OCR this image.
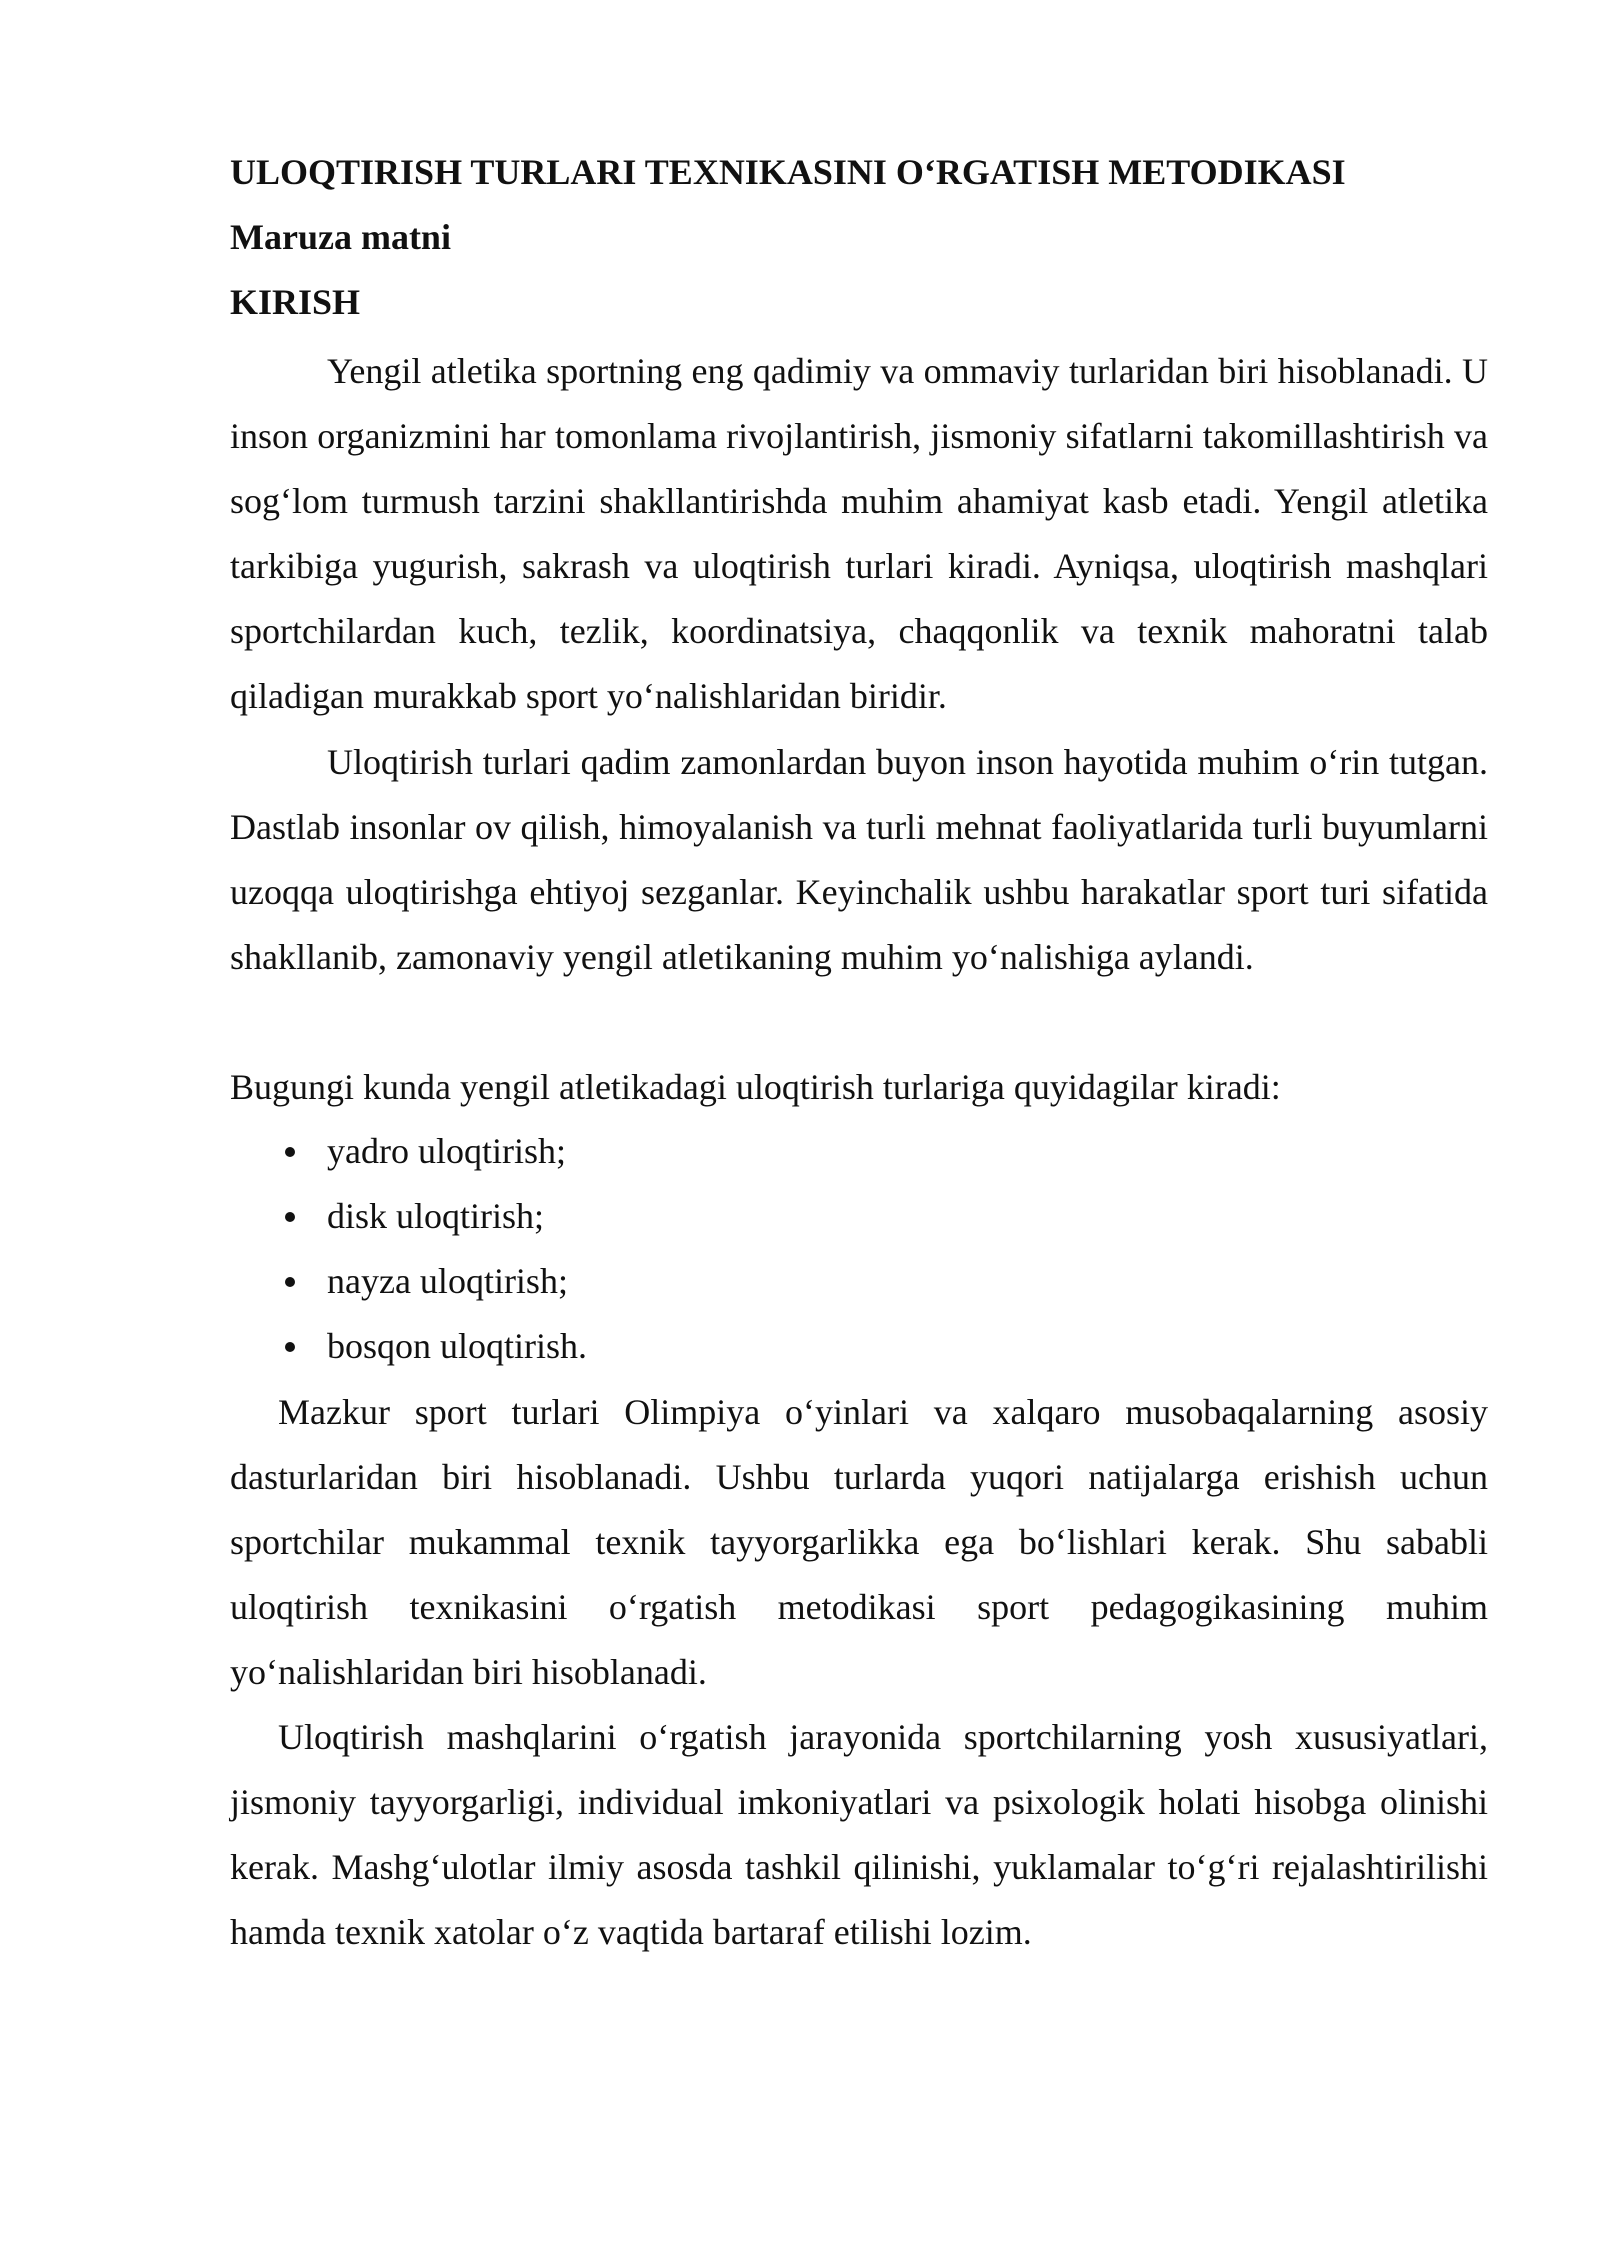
ULOQTIRISH TURLARI TEXNIKASINI O‘RGATISH METODIKASI
Maruza matni
KIRISH

Yengil atletika sportning eng qadimiy va ommaviy turlaridan biri hisoblanadi. U inson organizmini har tomonlama rivojlantirish, jismoniy sifatlarni takomillashtirish va sog‘lom turmush tarzini shakllantirishda muhim ahamiyat kasb etadi. Yengil atletika tarkibiga yugurish, sakrash va uloqtirish turlari kiradi. Ayniqsa, uloqtirish mashqlari sportchilardan kuch, tezlik, koordinatsiya, chaqqonlik va texnik mahoratni talab qiladigan murakkab sport yo‘nalishlaridan biridir.

Uloqtirish turlari qadim zamonlardan buyon inson hayotida muhim o‘rin tutgan. Dastlab insonlar ov qilish, himoyalanish va turli mehnat faoliyatlarida turli buyumlarni uzoqqa uloqtirishga ehtiyoj sezganlar. Keyinchalik ushbu harakatlar sport turi sifatida shakllanib, zamonaviy yengil atletikaning muhim yo‘nalishiga aylandi.

Bugungi kunda yengil atletikadagi uloqtirish turlariga quyidagilar kiradi:

yadro uloqtirish;
disk uloqtirish;
nayza uloqtirish;
bosqon uloqtirish.

Mazkur sport turlari Olimpiya o‘yinlari va xalqaro musobaqalarning asosiy dasturlaridan biri hisoblanadi. Ushbu turlarda yuqori natijalarga erishish uchun sportchilar mukammal texnik tayyorgarlikka ega bo‘lishlari kerak. Shu sababli uloqtirish texnikasini o‘rgatish metodikasi sport pedagogikasining muhim yo‘nalishlaridan biri hisoblanadi.

Uloqtirish mashqlarini o‘rgatish jarayonida sportchilarning yosh xususiyatlari, jismoniy tayyorgarligi, individual imkoniyatlari va psixologik holati hisobga olinishi kerak. Mashg‘ulotlar ilmiy asosda tashkil qilinishi, yuklamalar to‘g‘ri rejalashtirilishi hamda texnik xatolar o‘z vaqtida bartaraf etilishi lozim.
